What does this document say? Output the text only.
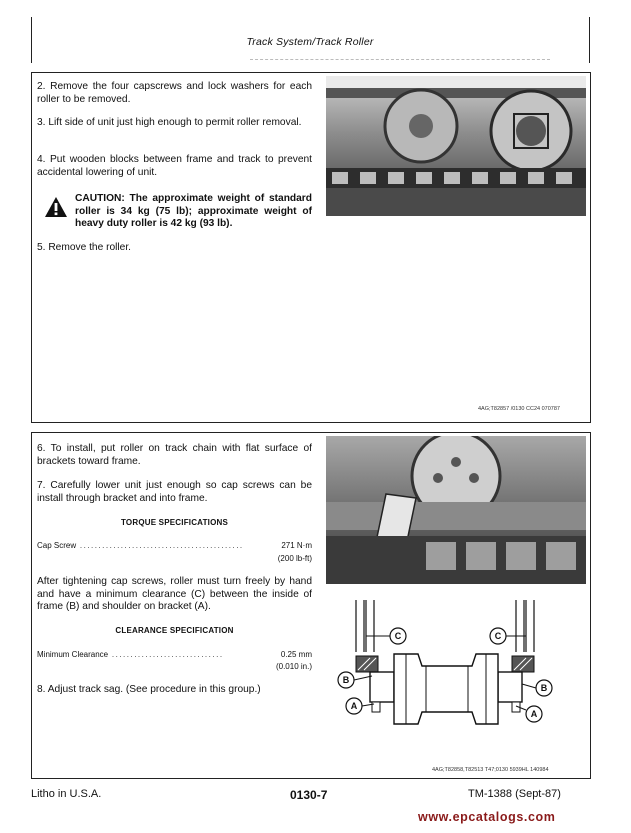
Track System/Track Roller
2. Remove the four capscrews and lock washers for each roller to be removed.
3. Lift side of unit just high enough to permit roller removal.
4. Put wooden blocks between frame and track to prevent accidental lowering of unit.
CAUTION: The approximate weight of standard roller is 34 kg (75 lb); approximate weight of heavy duty roller is 42 kg (93 lb).
5. Remove the roller.
4AG;T82857 /0130 CC24 070787
6. To install, put roller on track chain with flat surface of brackets toward frame.
7. Carefully lower unit just enough so cap screws can be install through bracket and into frame.
TORQUE SPECIFICATIONS
Cap Screw ............................................	271 N·m
(200 lb-ft)
After tightening cap screws, roller must turn freely by hand and have a minimum clearance (C) between the inside of frame (B) and shoulder on bracket (A).
CLEARANCE SPECIFICATION
Minimum Clearance ..............................	0.25 mm
(0.010 in.)
8. Adjust track sag. (See procedure in this group.)
C	C
B
B
A
A
4AG;T82858,T82513 T47;0130 5939HL 140984
Litho in U.S.A.	0130-7	TM-1388 (Sept-87)
www.epcatalogs.com
